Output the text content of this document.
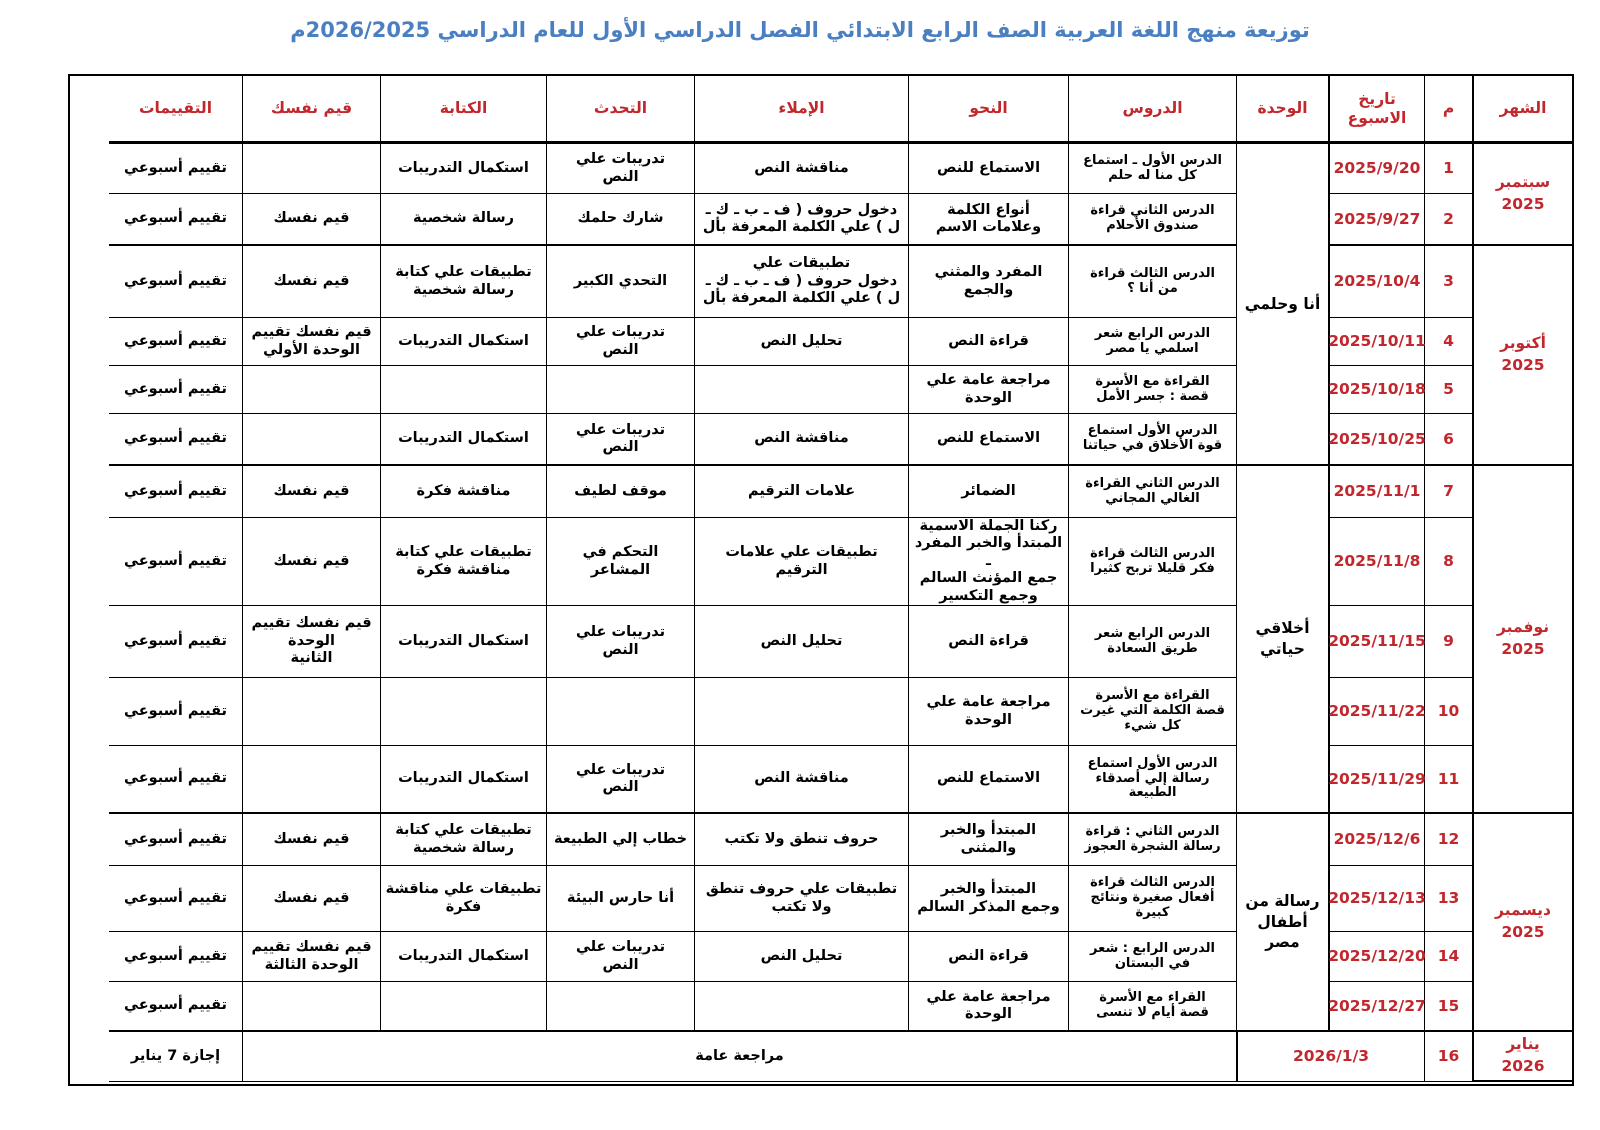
توزيعة منهج اللغة العربية الصف الرابع الابتدائي الفصل الدراسي الأول للعام الدراسي 2026/2025م
الشهر
م
تاريخ
الاسبوع
الوحدة
الدروس
النحو
الإملاء
التحدث
الكتابة
قيم نفسك
التقييمات
سبتمبر
2025
أكتوبر
2025
نوفمبر
2025
ديسمبر
2025
يناير
2026
أنا وحلمي
أخلاقي
حياتي
رسالة من
أطفال
مصر
1
2025/9/20
الدرس الأول ـ استماع
كل منا له حلم
الاستماع للنص
مناقشة النص
تدريبات علي
النص
استكمال التدريبات
تقييم أسبوعي
2
2025/9/27
الدرس الثاني قراءة
صندوق الأحلام
أنواع الكلمة
وعلامات الاسم
دخول حروف ( ف ـ ب ـ ك ـ
ل ) علي الكلمة المعرفة بأل
شارك حلمك
رسالة شخصية
قيم نفسك
تقييم أسبوعي
3
2025/10/4
الدرس الثالث قراءة
من أنا ؟
المفرد والمثني
والجمع
تطبيقات علي
دخول حروف ( ف ـ ب ـ ك ـ
ل ) علي الكلمة المعرفة بأل
التحدي الكبير
تطبيقات علي كتابة
رسالة شخصية
قيم نفسك
تقييم أسبوعي
4
2025/10/11
الدرس الرابع شعر
اسلمي يا مصر
قراءة النص
تحليل النص
تدريبات علي
النص
استكمال التدريبات
قيم نفسك تقييم
الوحدة الأولي
تقييم أسبوعي
5
2025/10/18
القراءة مع الأسرة
قصة : جسر الأمل
مراجعة عامة علي
الوحدة
تقييم أسبوعي
6
2025/10/25
الدرس الأول استماع
قوة الأخلاق في حياتنا
الاستماع للنص
مناقشة النص
تدريبات علي
النص
استكمال التدريبات
تقييم أسبوعي
7
2025/11/1
الدرس الثاني القراءة
الغالي المجاني
الضمائر
علامات الترقيم
موقف لطيف
مناقشة فكرة
قيم نفسك
تقييم أسبوعي
8
2025/11/8
الدرس الثالث قراءة
فكر قليلا تربح كثيرا
ركنا الجملة الاسمية
المبتدأ والخبر المفرد ـ
جمع المؤنث السالم
وجمع التكسير
تطبيقات علي علامات
الترقيم
التحكم في
المشاعر
تطبيقات علي كتابة
مناقشة فكرة
قيم نفسك
تقييم أسبوعي
9
2025/11/15
الدرس الرابع شعر
طريق السعادة
قراءة النص
تحليل النص
تدريبات علي
النص
استكمال التدريبات
قيم نفسك تقييم
الوحدة
الثانية
تقييم أسبوعي
10
2025/11/22
القراءة مع الأسرة
قصة الكلمة التي غيرت
كل شيء
مراجعة عامة علي
الوحدة
تقييم أسبوعي
11
2025/11/29
الدرس الأول استماع
رسالة إلي أصدقاء
الطبيعة
الاستماع للنص
مناقشة النص
تدريبات علي
النص
استكمال التدريبات
تقييم أسبوعي
12
2025/12/6
الدرس الثاني : قراءة
رسالة الشجرة العجوز
المبتدأ والخبر
والمثنى
حروف تنطق ولا تكتب
خطاب إلي الطبيعة
تطبيقات علي كتابة
رسالة شخصية
قيم نفسك
تقييم أسبوعي
13
2025/12/13
الدرس الثالث قراءة
أفعال صغيرة ونتائج
كبيرة
المبتدأ والخبر
وجمع المذكر السالم
تطبيقات علي حروف تنطق
ولا تكتب
أنا حارس البيئة
تطبيقات علي مناقشة
فكرة
قيم نفسك
تقييم أسبوعي
14
2025/12/20
الدرس الرابع : شعر
في البستان
قراءة النص
تحليل النص
تدريبات علي
النص
استكمال التدريبات
قيم نفسك تقييم
الوحدة الثالثة
تقييم أسبوعي
15
2025/12/27
القراء مع الأسرة
قصة أيام لا تنسى
مراجعة عامة علي
الوحدة
تقييم أسبوعي
16
2026/1/3
مراجعة عامة
إجازة 7 يناير
